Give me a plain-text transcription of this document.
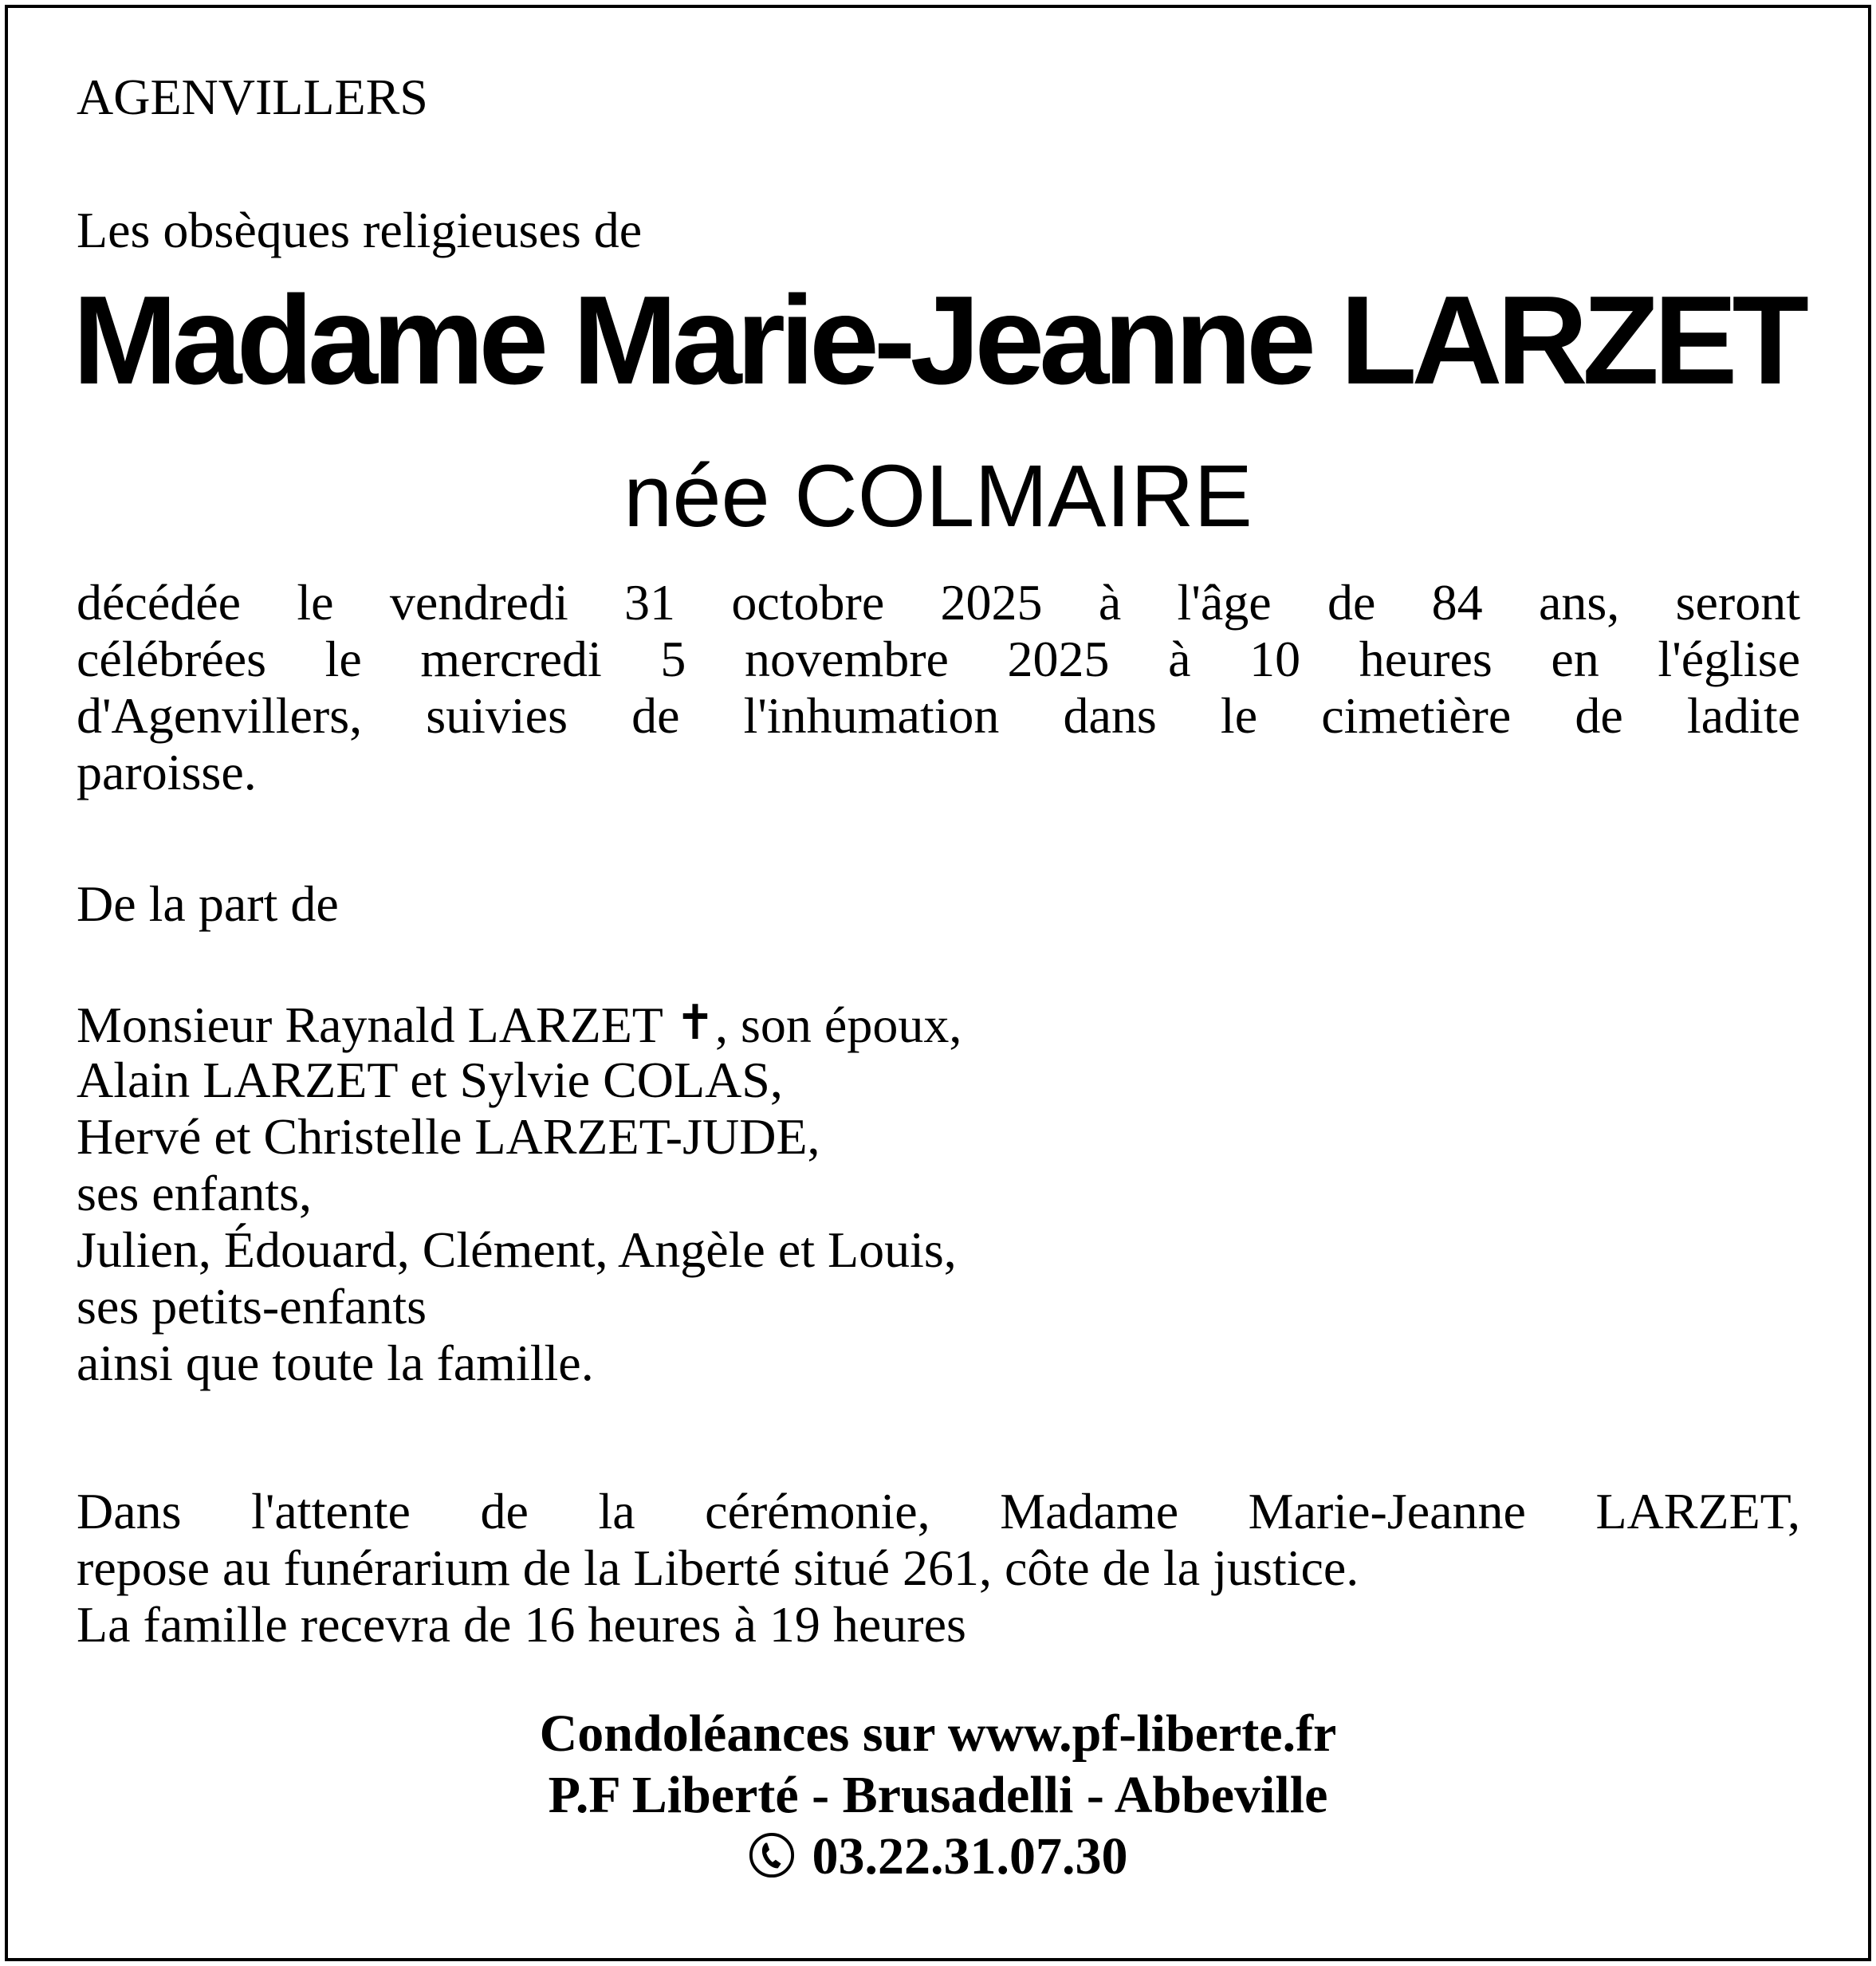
AGENVILLERS
Les obsèques religieuses de
Madame Marie-Jeanne LARZET
née COLMAIRE
décédée le vendredi 31 octobre 2025 à l'âge de 84 ans, seront
célébrées le mercredi 5 novembre 2025 à 10 heures en l'église
d'Agenvillers, suivies de l'inhumation dans le cimetière de ladite
paroisse.
De la part de
Monsieur Raynald LARZET ✝, son époux,
Alain LARZET et Sylvie COLAS,
Hervé et Christelle LARZET-JUDE,
ses enfants,
Julien, Édouard, Clément, Angèle et Louis,
ses petits-enfants
ainsi que toute la famille.
Dans l'attente de la cérémonie, Madame Marie-Jeanne LARZET,
repose au funérarium de la Liberté situé 261, côte de la justice.
La famille recevra de 16 heures à 19 heures
Condoléances sur www.pf-liberte.fr
P.F Liberté - Brusadelli - Abbeville
03.22.31.07.30
